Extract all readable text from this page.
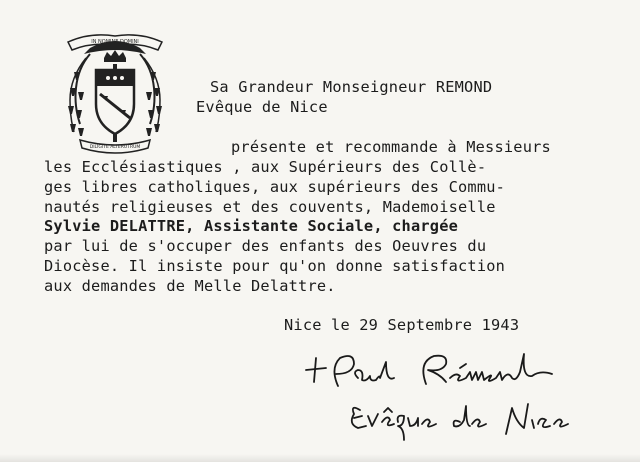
IN NOMINE DOMINI
DILIGITE ALTERUTRUM
Sa Grandeur Monseigneur REMOND
Evêque de Nice
présente et recommande à Messieurs
les Ecclésiastiques , aux Supérieurs des Collè-
ges libres catholiques, aux supérieurs des Commu-
nautés religieuses et des couvents, Mademoiselle
Sylvie DELATTRE, Assistante Sociale, chargée
par lui de s'occuper des enfants des Oeuvres du
Diocèse. Il insiste pour qu'on donne satisfaction
aux demandes de Melle Delattre.
Nice le 29 Septembre 1943
